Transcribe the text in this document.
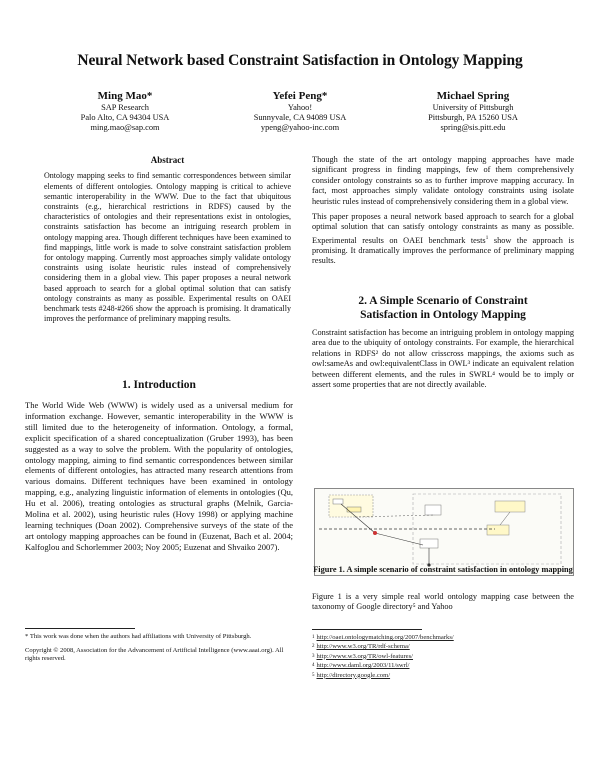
Neural Network based Constraint Satisfaction in Ontology Mapping
Ming Mao*
SAP Research
Palo Alto, CA 94304 USA
ming.mao@sap.com
Yefei Peng*
Yahoo!
Sunnyvale, CA 94089 USA
ypeng@yahoo-inc.com
Michael Spring
University of Pittsburgh
Pittsburgh, PA 15260 USA
spring@sis.pitt.edu
Abstract

Ontology mapping seeks to find semantic correspondences between similar elements of different ontologies. Ontology mapping is critical to achieve semantic interoperability in the WWW. Due to the fact that ubiquitous constraints (e.g., hierarchical restrictions in RDFS) caused by the characteristics of ontologies and their representations exist in ontologies, constraints satisfaction has become an intriguing research problem in ontology mapping area. Though different techniques have been examined to find mappings, little work is made to solve constraint satisfaction problem for ontology mapping. Currently most approaches simply validate ontology constraints using isolate heuristic rules instead of comprehensively considering them in a global view. This paper proposes a neural network based approach to search for a global optimal solution that can satisfy ontology constraints as many as possible. Experimental results on OAEI benchmark tests #248-#266 show the approach is promising. It dramatically improves the performance of preliminary mapping results.

1. Introduction

The World Wide Web (WWW) is widely used as a universal medium for information exchange. However, semantic interoperability in the WWW is still limited due to the heterogeneity of information. Ontology, a formal, explicit specification of a shared conceptualization (Gruber 1993), has been suggested as a way to solve the problem. With the popularity of ontologies, ontology mapping, aiming to find semantic correspondences between similar elements of different ontologies, has attracted many research attentions from various domains. Different techniques have been examined in ontology mapping, e.g., analyzing linguistic information of elements in ontologies (Qu, Hu et al. 2006), treating ontologies as structural graphs (Melnik, Garcia-Molina et al. 2002), using heuristic rules (Hovy 1998) or applying machine learning techniques (Doan 2002). Comprehensive surveys of the state of the art ontology mapping approaches can be found in (Euzenat, Bach et al. 2004; Kalfoglou and Schorlemmer 2003; Noy 2005; Euzenat and Shvaiko 2007).

* This work was done when the authors had affiliations with University of Pittsburgh.
Copyright © 2008, Association for the Advancement of Artificial Intelligence (www.aaai.org). All rights reserved.

Though the state of the art ontology mapping approaches have made significant progress in finding mappings, few of them comprehensively consider ontology constraints so as to further improve mapping accuracy. In fact, most approaches simply validate ontology constraints using isolate heuristic rules instead of comprehensively considering them in a global view.

This paper proposes a neural network based approach to search for a global optimal solution that can satisfy ontology constraints as many as possible. Experimental results on OAEI benchmark tests$^1$ show the approach is promising. It dramatically improves the performance of preliminary mapping results.

2. A Simple Scenario of Constraint
Satisfaction in Ontology Mapping

Constraint satisfaction has become an intriguing problem in ontology mapping area due to the ubiquity of ontology constraints. For example, the hierarchical relations in RDFS² do not allow crisscross mappings, the axioms such as owl:sameAs and owl:equivalentClass in OWL³ indicate an equivalent relation between different elements, and the rules in SWRL⁴ would be to imply or assert some properties that are not directly available.

Figure 1. A simple scenario of constraint satisfaction in ontology mapping

Figure 1 is a very simple real world ontology mapping case between the taxonomy of Google directory⁵ and Yahoo

$^1$ http://oaei.ontologymatching.org/2007/benchmarks/
$^2$ http://www.w3.org/TR/rdf-schema/
$^3$ http://www.w3.org/TR/owl-features/
$^4$ http://www.daml.org/2003/11/swrl/
$^5$ http://directory.google.com/
